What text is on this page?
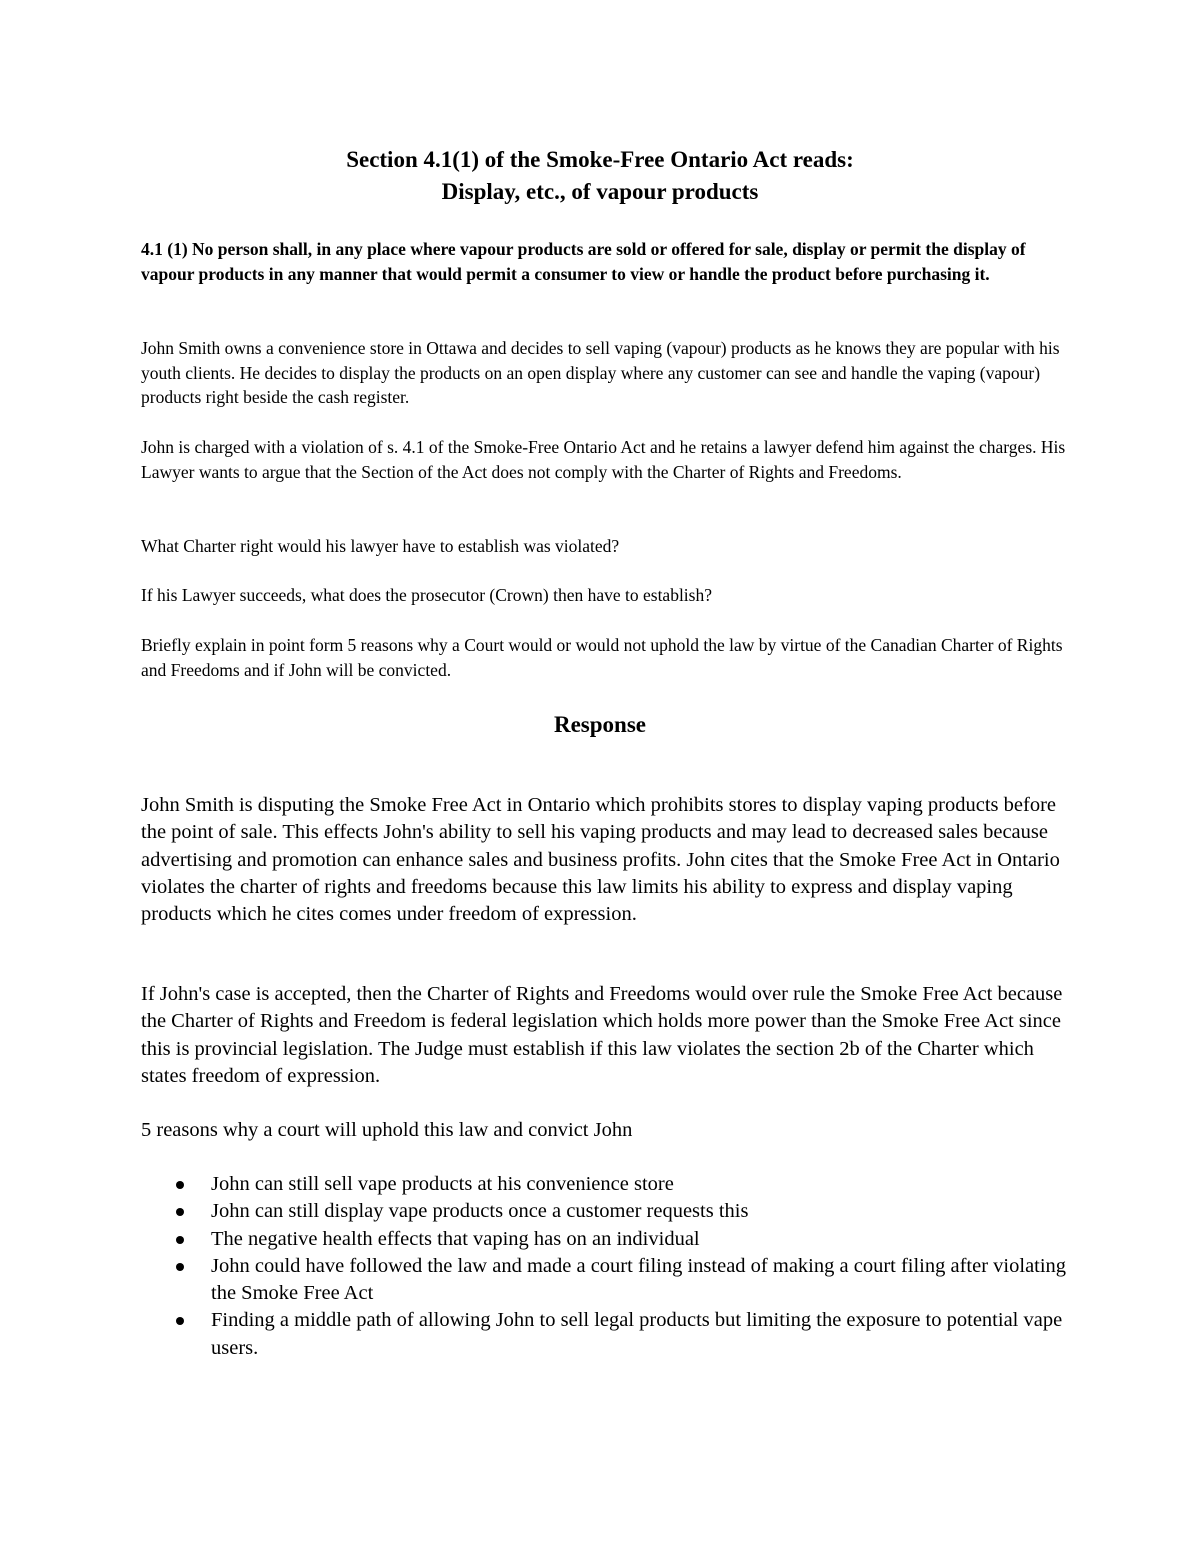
Section 4.1(1) of the Smoke-Free Ontario Act reads:
Display, etc., of vapour products

4.1 (1) No person shall, in any place where vapour products are sold or offered for sale, display or permit the display of vapour products in any manner that would permit a consumer to view or handle the product before purchasing it.

John Smith owns a convenience store in Ottawa and decides to sell vaping (vapour) products as he knows they are popular with his youth clients. He decides to display the products on an open display where any customer can see and handle the vaping (vapour) products right beside the cash register.

John is charged with a violation of s. 4.1 of the Smoke-Free Ontario Act and he retains a lawyer defend him against the charges. His Lawyer wants to argue that the Section of the Act does not comply with the Charter of Rights and Freedoms.

What Charter right would his lawyer have to establish was violated?

If his Lawyer succeeds, what does the prosecutor (Crown) then have to establish?

Briefly explain in point form 5 reasons why a Court would or would not uphold the law by virtue of the Canadian Charter of Rights and Freedoms and if John will be convicted.

Response

John Smith is disputing the Smoke Free Act in Ontario which prohibits stores to display vaping products before the point of sale. This effects John's ability to sell his vaping products and may lead to decreased sales because advertising and promotion can enhance sales and business profits. John cites that the Smoke Free Act in Ontario violates the charter of rights and freedoms because this law limits his ability to express and display vaping products which he cites comes under freedom of expression.

If John's case is accepted, then the Charter of Rights and Freedoms would over rule the Smoke Free Act because the Charter of Rights and Freedom is federal legislation which holds more power than the Smoke Free Act since this is provincial legislation. The Judge must establish if this law violates the section 2b of the Charter which states freedom of expression.

5 reasons why a court will uphold this law and convict John

John can still sell vape products at his convenience store
John can still display vape products once a customer requests this
The negative health effects that vaping has on an individual
John could have followed the law and made a court filing instead of making a court filing after violating the Smoke Free Act
Finding a middle path of allowing John to sell legal products but limiting the exposure to potential vape users.
